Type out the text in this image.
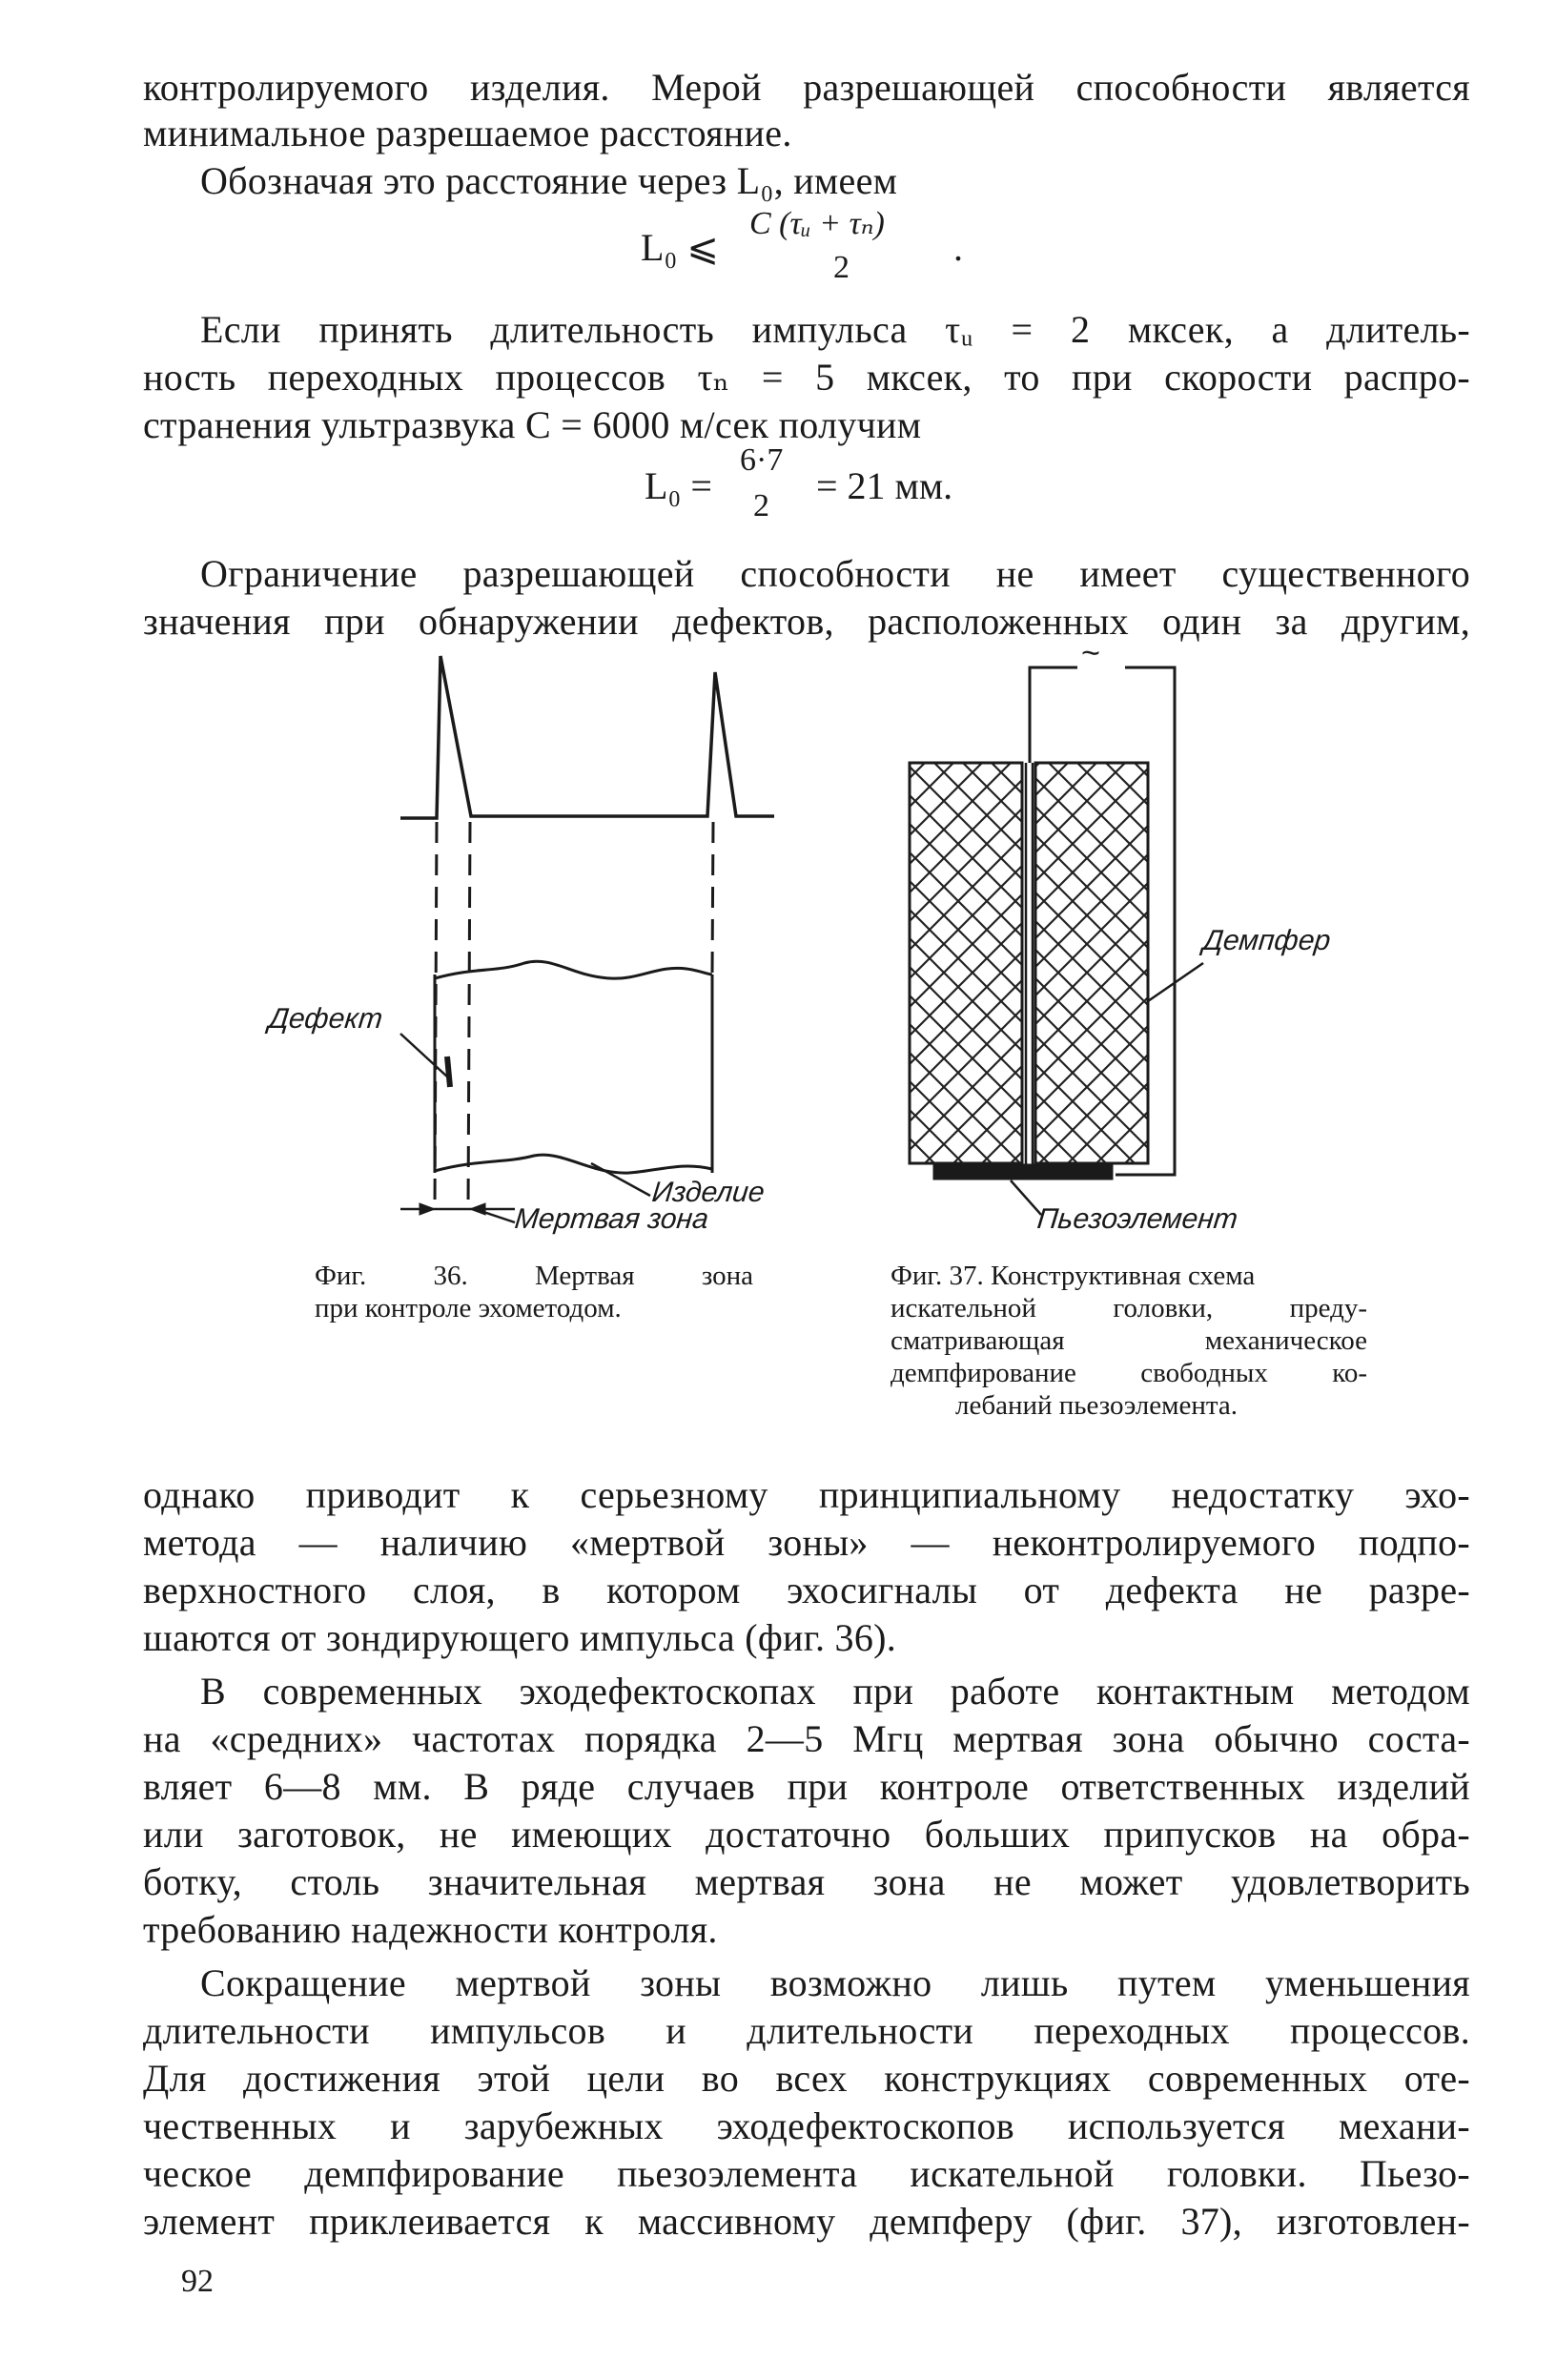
контролируемого изделия. Мерой разрешающей способности является
минимальное разрешаемое расстояние.
Обозначая это расстояние через L₀, имеем
L₀ ⩽
C (τᵤ + τₙ)
2	.
Если принять длительность импульса τᵤ = 2 мксек, а длитель-
ность переходных процессов τₙ = 5 мксек, то при скорости распро-
странения ультразвука C = 6000 м/сек получим
L₀ =
6·7
2 = 21 мм.
Ограничение разрешающей способности не имеет существенного
значения при обнаружении дефектов, расположенных один за другим,
Дефект
Изделие
Мертвая зона
~
Демпфер
Пьезоэлемент
Фиг. 36. Мертвая зона
при контроле эхометодом.
Фиг. 37. Конструктивная схема
искательной головки, преду-
сматривающая механическое
демпфирование свободных ко-
лебаний пьезоэлемента.
однако приводит к серьезному принципиальному недостатку эхо-
метода — наличию «мертвой зоны» — неконтролируемого подпо-
верхностного слоя, в котором эхосигналы от дефекта не разре-
шаются от зондирующего импульса (фиг. 36).
В современных эходефектоскопах при работе контактным методом
на «средних» частотах порядка 2—5 Мгц мертвая зона обычно соста-
вляет 6—8 мм. В ряде случаев при контроле ответственных изделий
или заготовок, не имеющих достаточно больших припусков на обра-
ботку, столь значительная мертвая зона не может удовлетворить
требованию надежности контроля.
Сокращение мертвой зоны возможно лишь путем уменьшения
длительности импульсов и длительности переходных процессов.
Для достижения этой цели во всех конструкциях современных оте-
чественных и зарубежных эходефектоскопов используется механи-
ческое демпфирование пьезоэлемента искательной головки. Пьезо-
элемент приклеивается к массивному демпферу (фиг. 37), изготовлен-
92
